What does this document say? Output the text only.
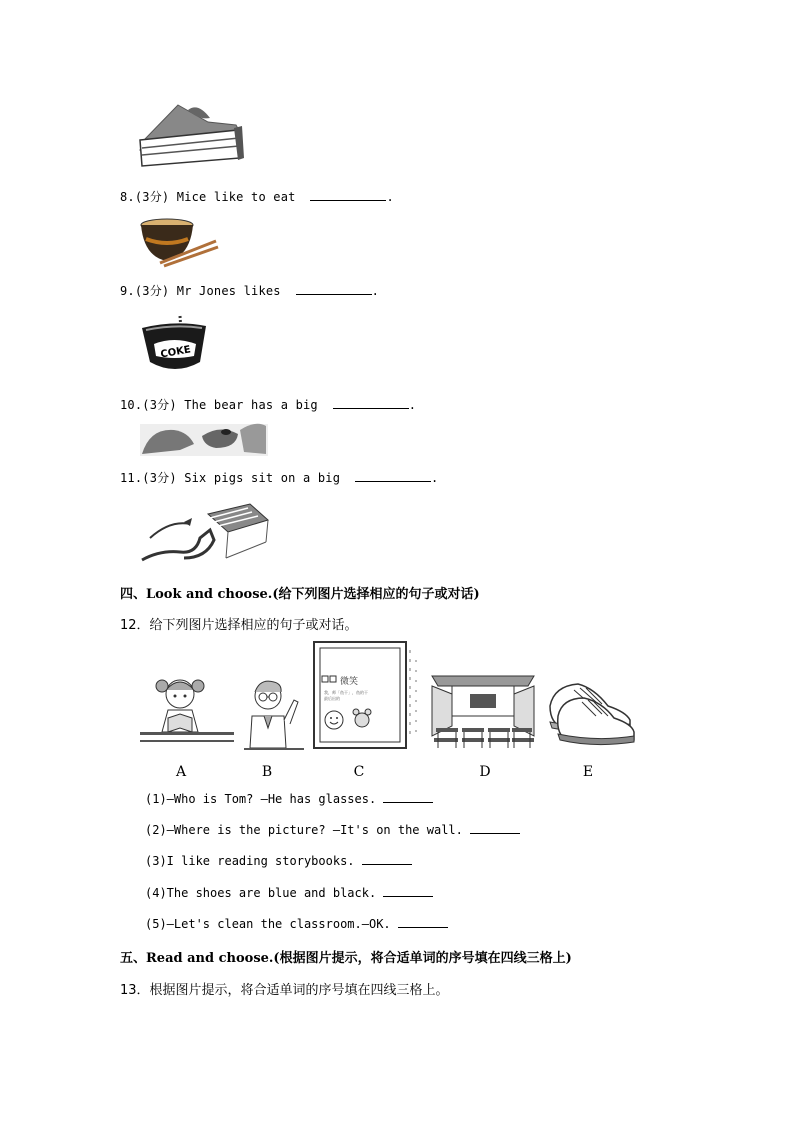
8.(3分) Mice like to eat	.
9.(3分) Mr Jones likes	.
COKE
10.(3分) The bear has a big	.
11.(3分) Six pigs sit on a big	.
四、Look and choose.(给下列图片选择相应的句子或对话)
12．给下列图片选择相应的句子或对话。
微笑
我，师「鱼干」，鱼的干
最后出的
A	B	C	D	E
(1)—Who is Tom? —He has glasses.
(2)—Where is the picture? —It's on the wall.
(3)I like reading storybooks.
(4)The shoes are blue and black.
(5)—Let's clean the classroom.—OK.
五、Read and choose.(根据图片提示，将合适单词的序号填在四线三格上)
13．根据图片提示，将合适单词的序号填在四线三格上。
